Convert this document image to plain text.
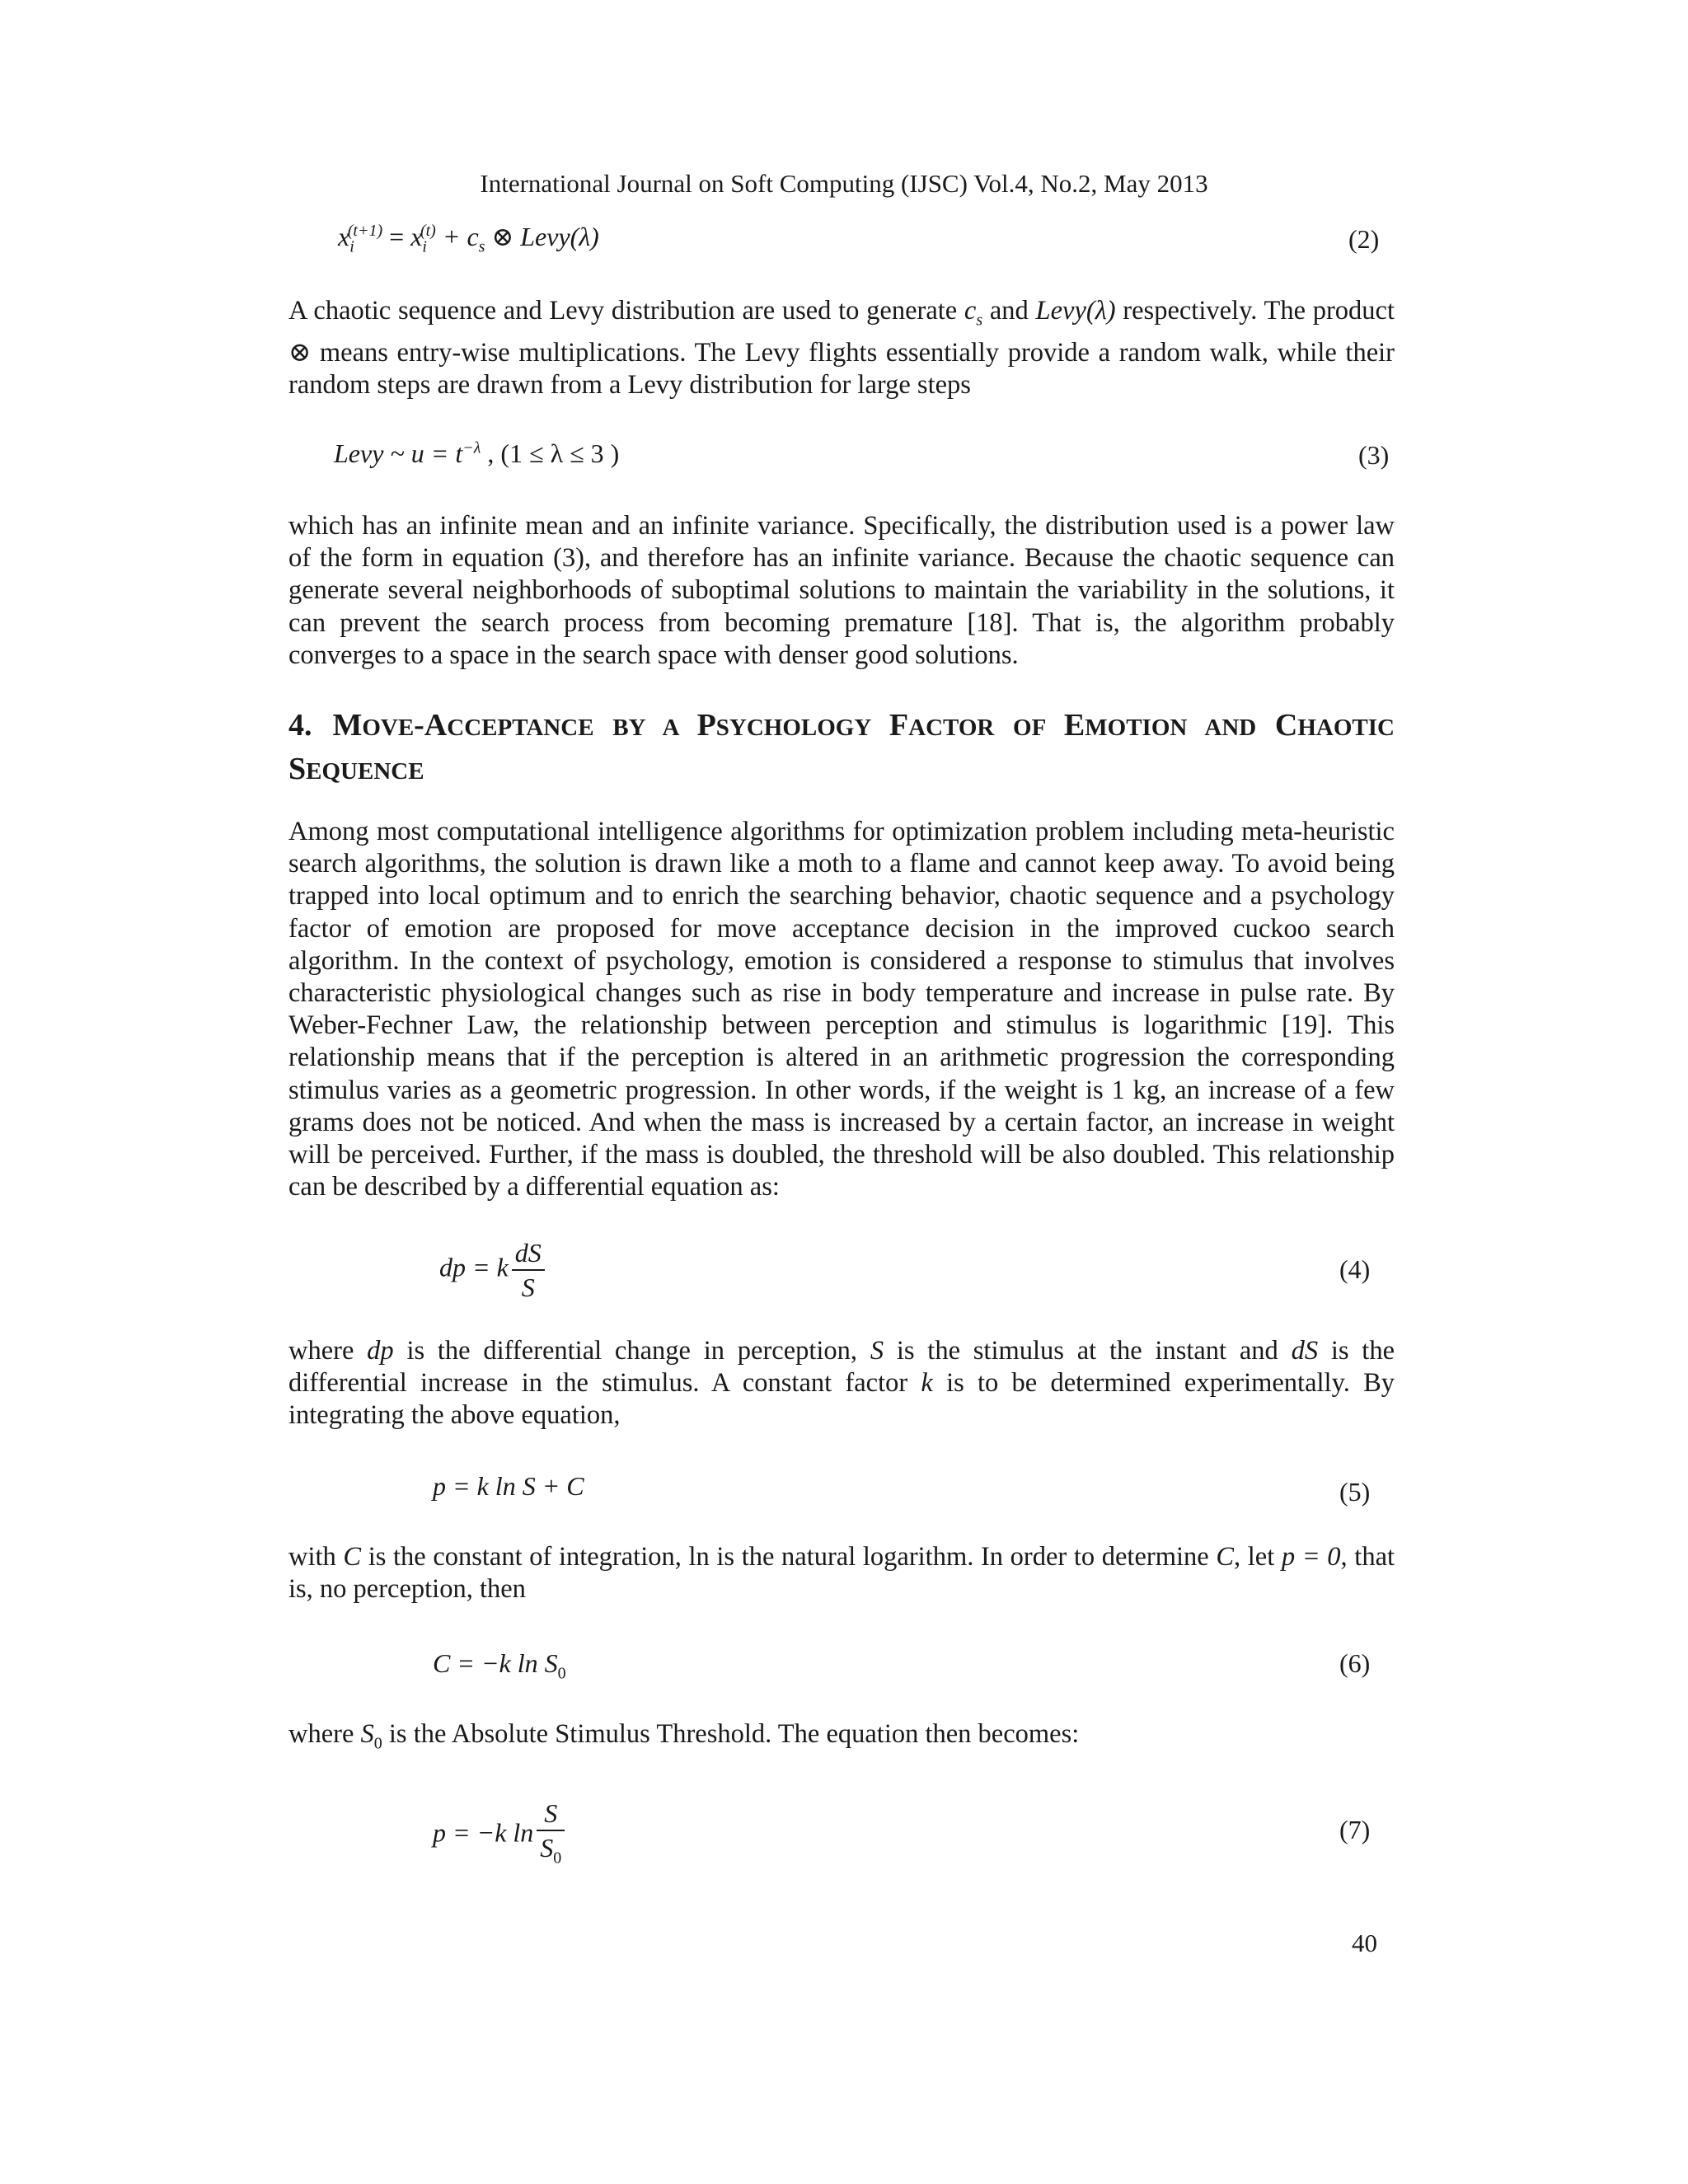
International Journal on Soft Computing (IJSC) Vol.4, No.2, May 2013
$x_i^{(t+1)} = x_i^{(t)} + c_s$ ⊗ Levy(λ)	(2)

A chaotic sequence and Levy distribution are used to generate $c_s$ and Levy(λ) respectively. The product ⊗ means entry-wise multiplications. The Levy flights essentially provide a random walk, while their random steps are drawn from a Levy distribution for large steps

Levy ~ $u = t^{-\lambda}$ , (1 ≤ λ ≤ 3 )	(3)

which has an infinite mean and an infinite variance. Specifically, the distribution used is a power law of the form in equation (3), and therefore has an infinite variance. Because the chaotic sequence can generate several neighborhoods of suboptimal solutions to maintain the variability in the solutions, it can prevent the search process from becoming premature [18]. That is, the algorithm probably converges to a space in the search space with denser good solutions.

4. MOVE-ACCEPTANCE BY A PSYCHOLOGY FACTOR OF EMOTION AND CHAOTIC SEQUENCE

Among most computational intelligence algorithms for optimization problem including meta-heuristic search algorithms, the solution is drawn like a moth to a flame and cannot keep away. To avoid being trapped into local optimum and to enrich the searching behavior, chaotic sequence and a psychology factor of emotion are proposed for move acceptance decision in the improved cuckoo search algorithm. In the context of psychology, emotion is considered a response to stimulus that involves characteristic physiological changes such as rise in body temperature and increase in pulse rate. By Weber-Fechner Law, the relationship between perception and stimulus is logarithmic [19]. This relationship means that if the perception is altered in an arithmetic progression the corresponding stimulus varies as a geometric progression. In other words, if the weight is 1 kg, an increase of a few grams does not be noticed. And when the mass is increased by a certain factor, an increase in weight will be perceived. Further, if the mass is doubled, the threshold will be also doubled. This relationship can be described by a differential equation as:

dp = k $\frac{dS}{S}$	(4)

where dp is the differential change in perception, S is the stimulus at the instant and dS is the differential increase in the stimulus. A constant factor k is to be determined experimentally. By integrating the above equation,

p = k ln S + C	(5)

with C is the constant of integration, ln is the natural logarithm. In order to determine C, let p = 0, that is, no perception, then

C = −k $\ln S_0$	(6)

where $S_0$ is the Absolute Stimulus Threshold. The equation then becomes:

p = −k $\ln \frac{S}{S_0}$	(7)
40
